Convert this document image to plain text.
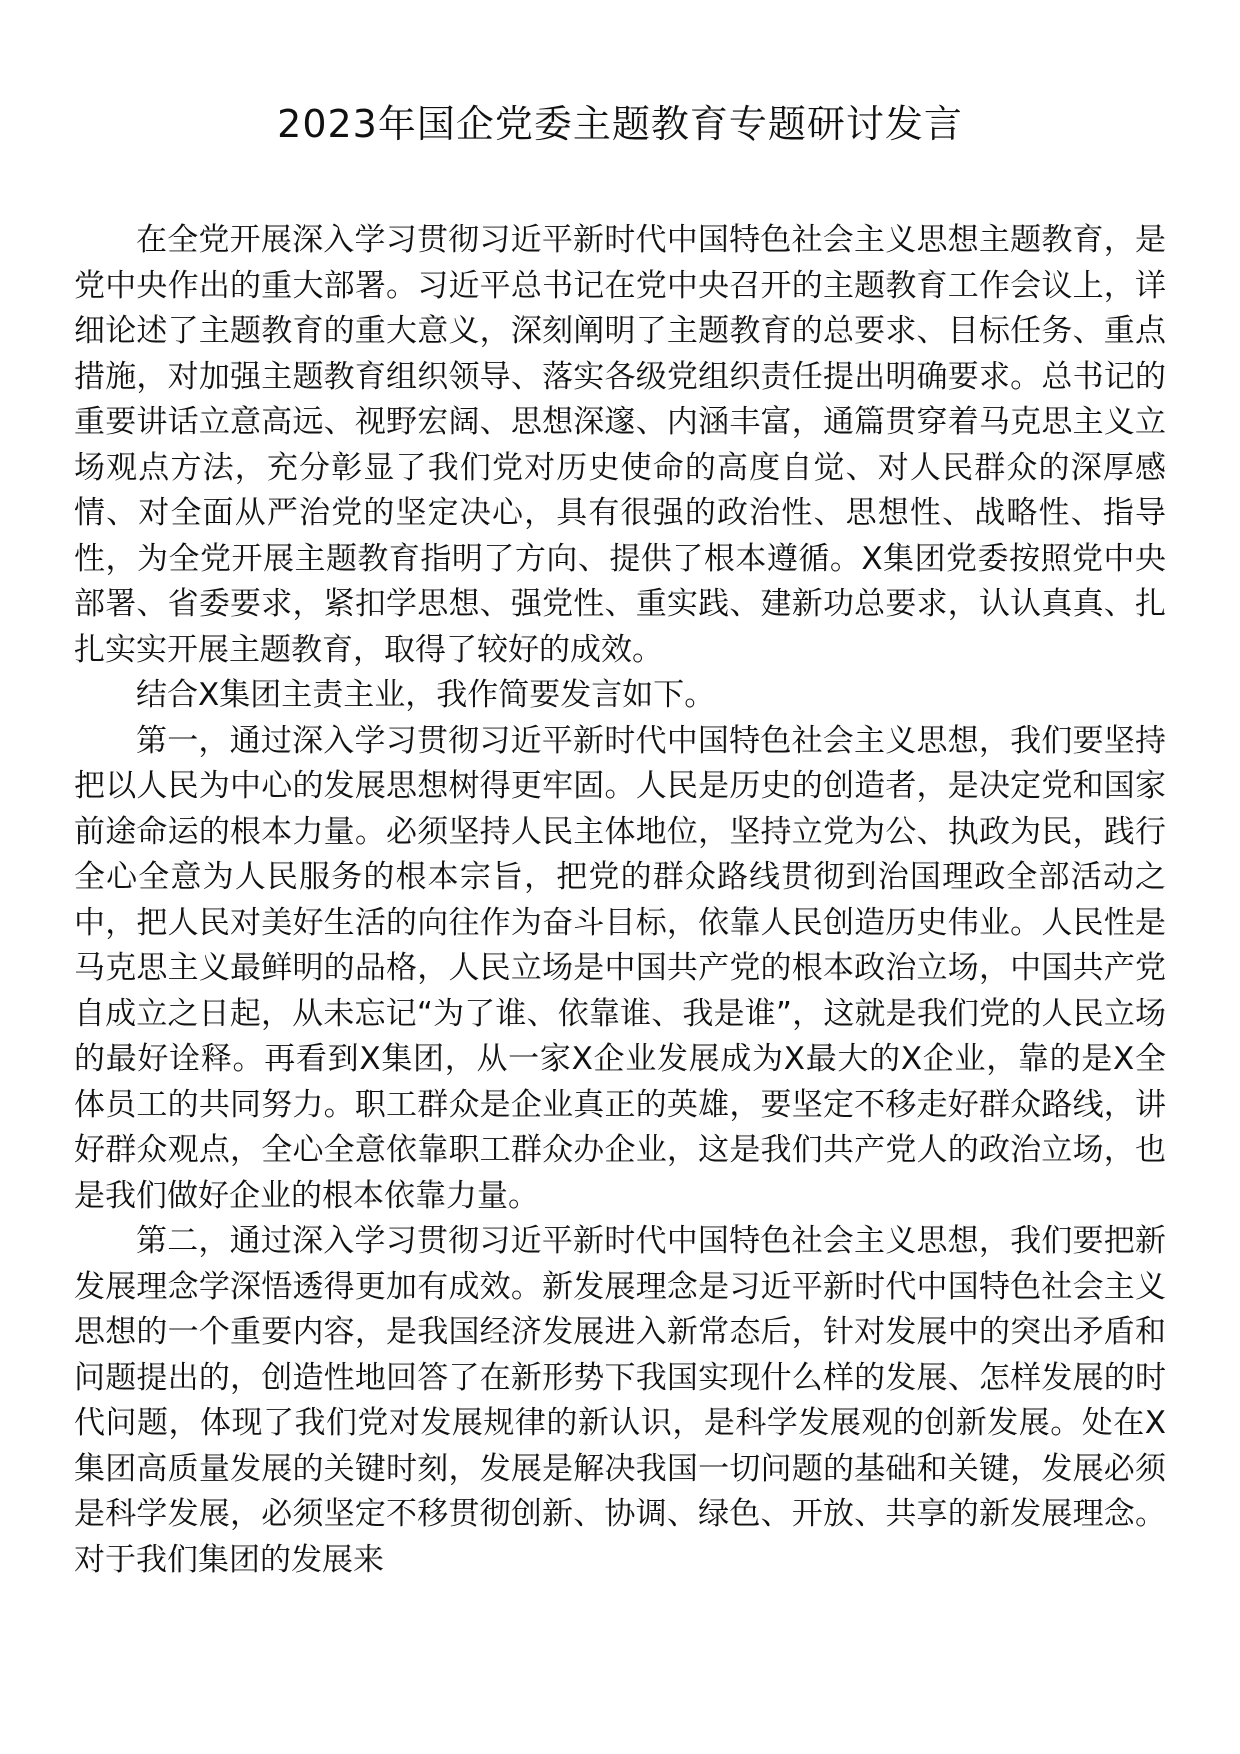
2023年国企党委主题教育专题研讨发言

在全党开展深入学习贯彻习近平新时代中国特色社会主义思想主题教育，是党中央作出的重大部署。习近平总书记在党中央召开的主题教育工作会议上，详细论述了主题教育的重大意义，深刻阐明了主题教育的总要求、目标任务、重点措施，对加强主题教育组织领导、落实各级党组织责任提出明确要求。总书记的重要讲话立意高远、视野宏阔、思想深邃、内涵丰富，通篇贯穿着马克思主义立场观点方法，充分彰显了我们党对历史使命的高度自觉、对人民群众的深厚感情、对全面从严治党的坚定决心，具有很强的政治性、思想性、战略性、指导性，为全党开展主题教育指明了方向、提供了根本遵循。X集团党委按照党中央部署、省委要求，紧扣学思想、强党性、重实践、建新功总要求，认认真真、扎扎实实开展主题教育，取得了较好的成效。

结合X集团主责主业，我作简要发言如下。

第一，通过深入学习贯彻习近平新时代中国特色社会主义思想，我们要坚持把以人民为中心的发展思想树得更牢固。人民是历史的创造者，是决定党和国家前途命运的根本力量。必须坚持人民主体地位，坚持立党为公、执政为民，践行全心全意为人民服务的根本宗旨，把党的群众路线贯彻到治国理政全部活动之中，把人民对美好生活的向往作为奋斗目标，依靠人民创造历史伟业。人民性是马克思主义最鲜明的品格，人民立场是中国共产党的根本政治立场，中国共产党自成立之日起，从未忘记“为了谁、依靠谁、我是谁”，这就是我们党的人民立场的最好诠释。再看到X集团，从一家X企业发展成为X最大的X企业，靠的是X全体员工的共同努力。职工群众是企业真正的英雄，要坚定不移走好群众路线，讲好群众观点，全心全意依靠职工群众办企业，这是我们共产党人的政治立场，也是我们做好企业的根本依靠力量。

第二，通过深入学习贯彻习近平新时代中国特色社会主义思想，我们要把新发展理念学深悟透得更加有成效。新发展理念是习近平新时代中国特色社会主义思想的一个重要内容，是我国经济发展进入新常态后，针对发展中的突出矛盾和问题提出的，创造性地回答了在新形势下我国实现什么样的发展、怎样发展的时代问题，体现了我们党对发展规律的新认识，是科学发展观的创新发展。处在X集团高质量发展的关键时刻，发展是解决我国一切问题的基础和关键，发展必须是科学发展，必须坚定不移贯彻创新、协调、绿色、开放、共享的新发展理念。对于我们集团的发展来
